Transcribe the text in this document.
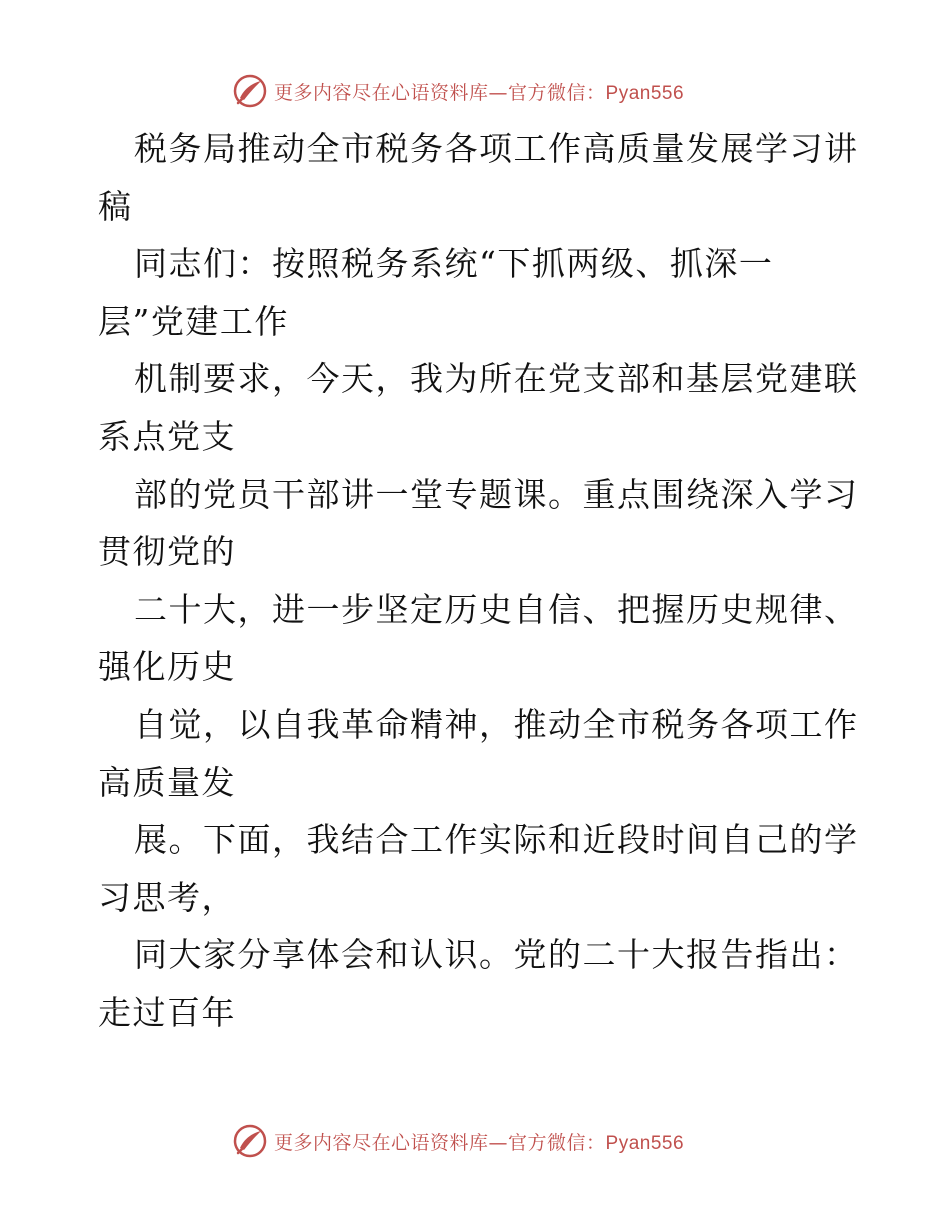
更多内容尽在心语资料库—官方微信：Pyan556
税务局推动全市税务各项工作高质量发展学习讲
稿
同志们：按照税务系统“下抓两级、抓深一
层”党建工作
机制要求，今天，我为所在党支部和基层党建联
系点党支
部的党员干部讲一堂专题课。重点围绕深入学习
贯彻党的
二十大，进一步坚定历史自信、把握历史规律、
强化历史
自觉，以自我革命精神，推动全市税务各项工作
高质量发
展。下面，我结合工作实际和近段时间自己的学
习思考，
同大家分享体会和认识。党的二十大报告指出：
走过百年
更多内容尽在心语资料库—官方微信：Pyan556
